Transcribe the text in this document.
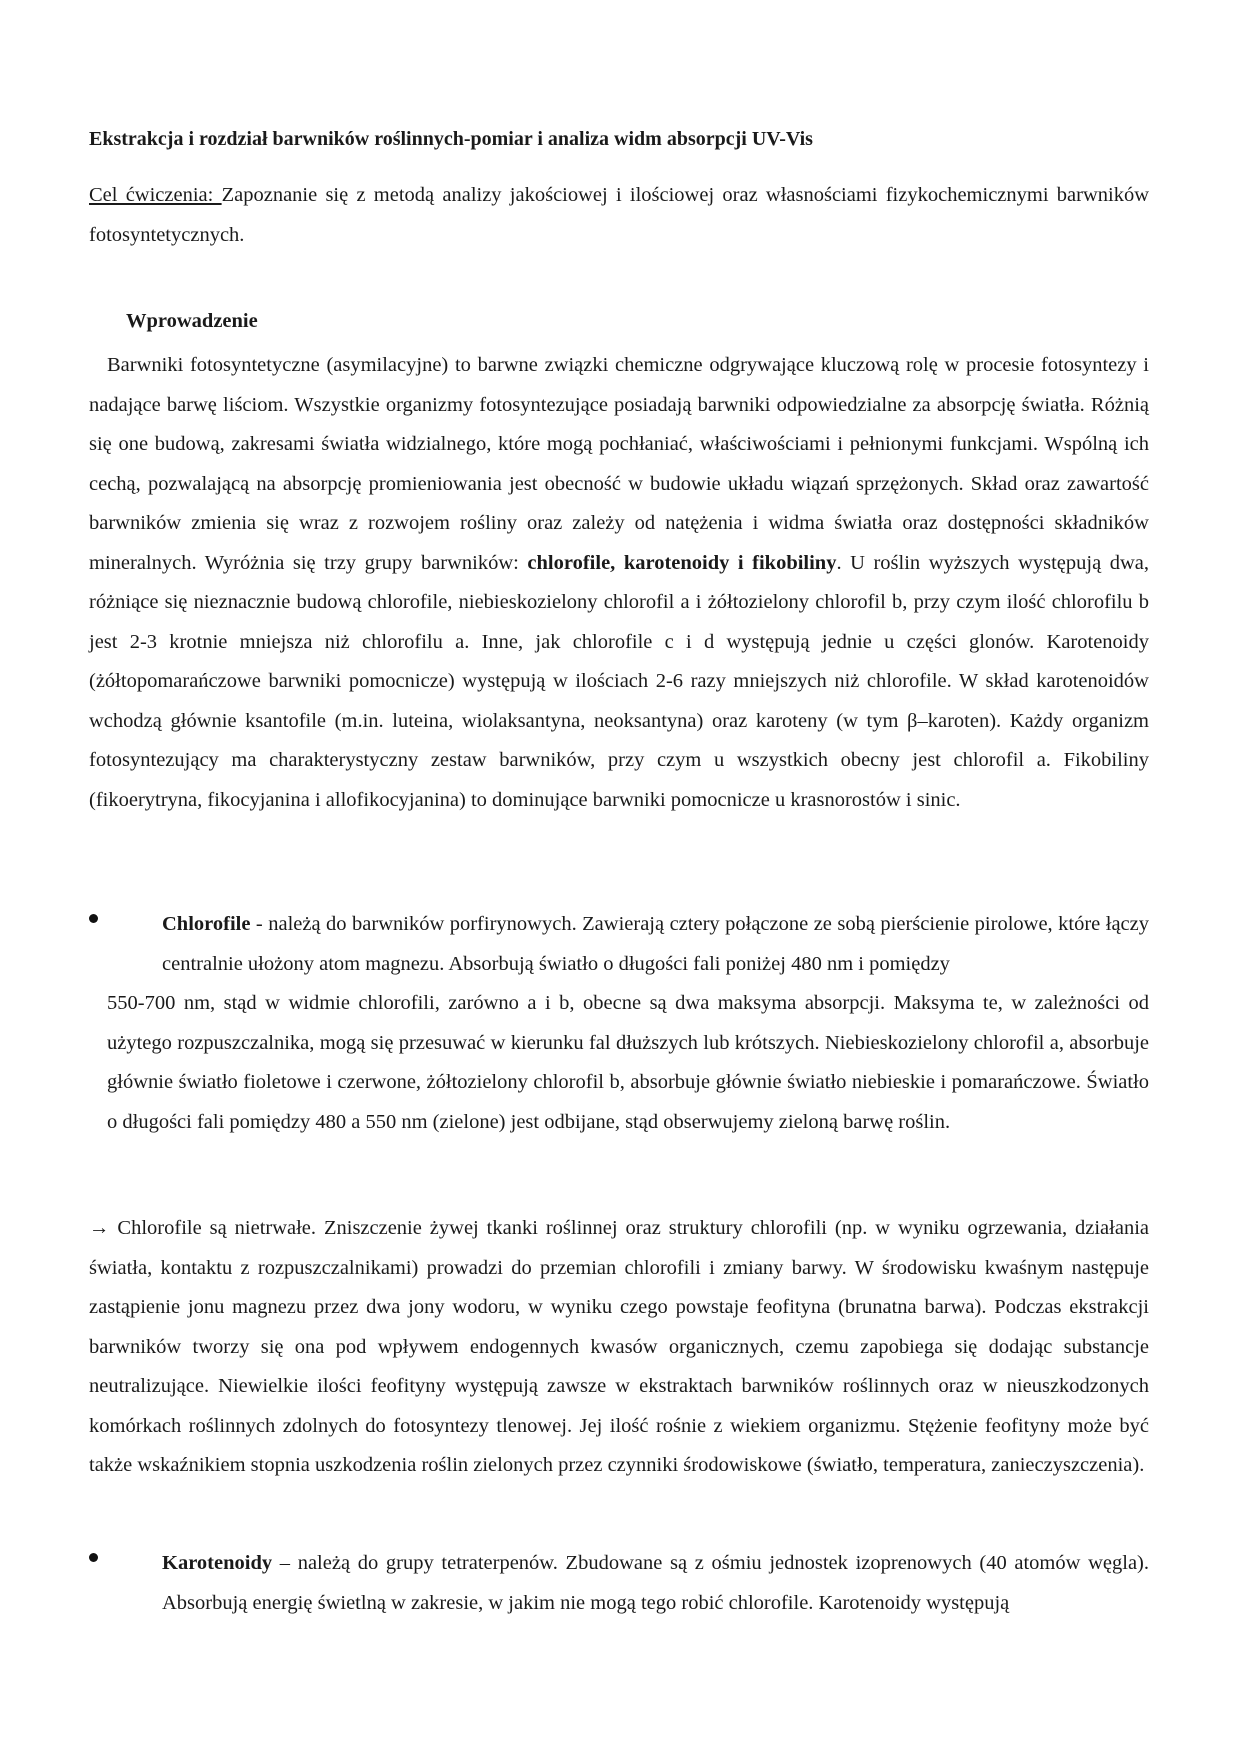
Ekstrakcja i rozdział barwników roślinnych-pomiar i analiza widm absorpcji UV-Vis
Cel ćwiczenia: Zapoznanie się z metodą analizy jakościowej i ilościowej oraz własnościami fizykochemicznymi barwników fotosyntetycznych.
Wprowadzenie
Barwniki fotosyntetyczne (asymilacyjne) to barwne związki chemiczne odgrywające kluczową rolę w procesie fotosyntezy i nadające barwę liściom. Wszystkie organizmy fotosyntezujące posiadają barwniki odpowiedzialne za absorpcję światła. Różnią się one budową, zakresami światła widzialnego, które mogą pochłaniać, właściwościami i pełnionymi funkcjami. Wspólną ich cechą, pozwalającą na absorpcję promieniowania jest obecność w budowie układu wiązań sprzężonych. Skład oraz zawartość barwników zmienia się wraz z rozwojem rośliny oraz zależy od natężenia i widma światła oraz dostępności składników mineralnych. Wyróżnia się trzy grupy barwników: chlorofile, karotenoidy i fikobiliny. U roślin wyższych występują dwa, różniące się nieznacznie budową chlorofile, niebieskozielony chlorofil a i żółtozielony chlorofil b, przy czym ilość chlorofilu b jest 2-3 krotnie mniejsza niż chlorofilu a. Inne, jak chlorofile c i d występują jednie u części glonów. Karotenoidy (żółtopomarańczowe barwniki pomocnicze) występują w ilościach 2-6 razy mniejszych niż chlorofile. W skład karotenoidów wchodzą głównie ksantofile (m.in. luteina, wiolaksantyna, neoksantyna) oraz karoteny (w tym β–karoten). Każdy organizm fotosyntezujący ma charakterystyczny zestaw barwników, przy czym u wszystkich obecny jest chlorofil a. Fikobiliny (fikoerytryna, fikocyjanina i allofikocyjanina) to dominujące barwniki pomocnicze u krasnorostów i sinic.
Chlorofile - należą do barwników porfirynowych. Zawierają cztery połączone ze sobą pierścienie pirolowe, które łączy centralnie ułożony atom magnezu. Absorbują światło o długości fali poniżej 480 nm i pomiędzy
550-700 nm, stąd w widmie chlorofili, zarówno a i b, obecne są dwa maksyma absorpcji. Maksyma te, w zależności od użytego rozpuszczalnika, mogą się przesuwać w kierunku fal dłuższych lub krótszych. Niebieskozielony chlorofil a, absorbuje głównie światło fioletowe i czerwone, żółtozielony chlorofil b, absorbuje głównie światło niebieskie i pomarańczowe. Światło o długości fali pomiędzy 480 a 550 nm (zielone) jest odbijane, stąd obserwujemy zieloną barwę roślin.
→ Chlorofile są nietrwałe. Zniszczenie żywej tkanki roślinnej oraz struktury chlorofili (np. w wyniku ogrzewania, działania światła, kontaktu z rozpuszczalnikami) prowadzi do przemian chlorofili i zmiany barwy. W środowisku kwaśnym następuje zastąpienie jonu magnezu przez dwa jony wodoru, w wyniku czego powstaje feofityna (brunatna barwa). Podczas ekstrakcji barwników tworzy się ona pod wpływem endogennych kwasów organicznych, czemu zapobiega się dodając substancje neutralizujące. Niewielkie ilości feofityny występują zawsze w ekstraktach barwników roślinnych oraz w nieuszkodzonych komórkach roślinnych zdolnych do fotosyntezy tlenowej. Jej ilość rośnie z wiekiem organizmu. Stężenie feofityny może być także wskaźnikiem stopnia uszkodzenia roślin zielonych przez czynniki środowiskowe (światło, temperatura, zanieczyszczenia).
Karotenoidy – należą do grupy tetraterpenów. Zbudowane są z ośmiu jednostek izoprenowych (40 atomów węgla). Absorbują energię świetlną w zakresie, w jakim nie mogą tego robić chlorofile. Karotenoidy występują
